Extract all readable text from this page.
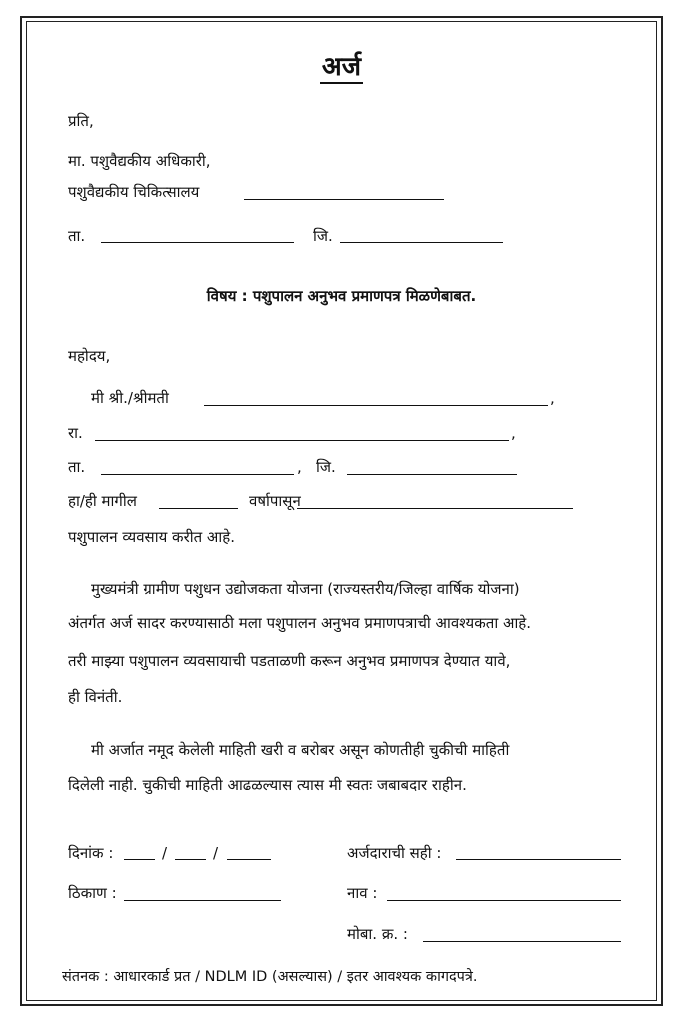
अर्ज
प्रति,
मा. पशुवैद्यकीय अधिकारी,
पशुवैद्यकीय चिकित्सालय
ता.	जि.
विषय : पशुपालन अनुभव प्रमाणपत्र मिळणेबाबत.
महोदय,
मी श्री./श्रीमती	,
रा.	,
ता.	, जि.
हा/ही मागील	वर्षापासून
पशुपालन व्यवसाय करीत आहे.
मुख्यमंत्री ग्रामीण पशुधन उद्योजकता योजना (राज्यस्तरीय/जिल्हा वार्षिक योजना)
अंतर्गत अर्ज सादर करण्यासाठी मला पशुपालन अनुभव प्रमाणपत्राची आवश्यकता आहे.
तरी माझ्या पशुपालन व्यवसायाची पडताळणी करून अनुभव प्रमाणपत्र देण्यात यावे,
ही विनंती.
मी अर्जात नमूद केलेली माहिती खरी व बरोबर असून कोणतीही चुकीची माहिती
दिलेली नाही. चुकीची माहिती आढळल्यास त्यास मी स्वतः जबाबदार राहीन.
दिनांक :	/	/	अर्जदाराची सही :
ठिकाण :	नाव :
मोबा. क्र. :
संतनक : आधारकार्ड प्रत / NDLM ID (असल्यास) / इतर आवश्यक कागदपत्रे.
